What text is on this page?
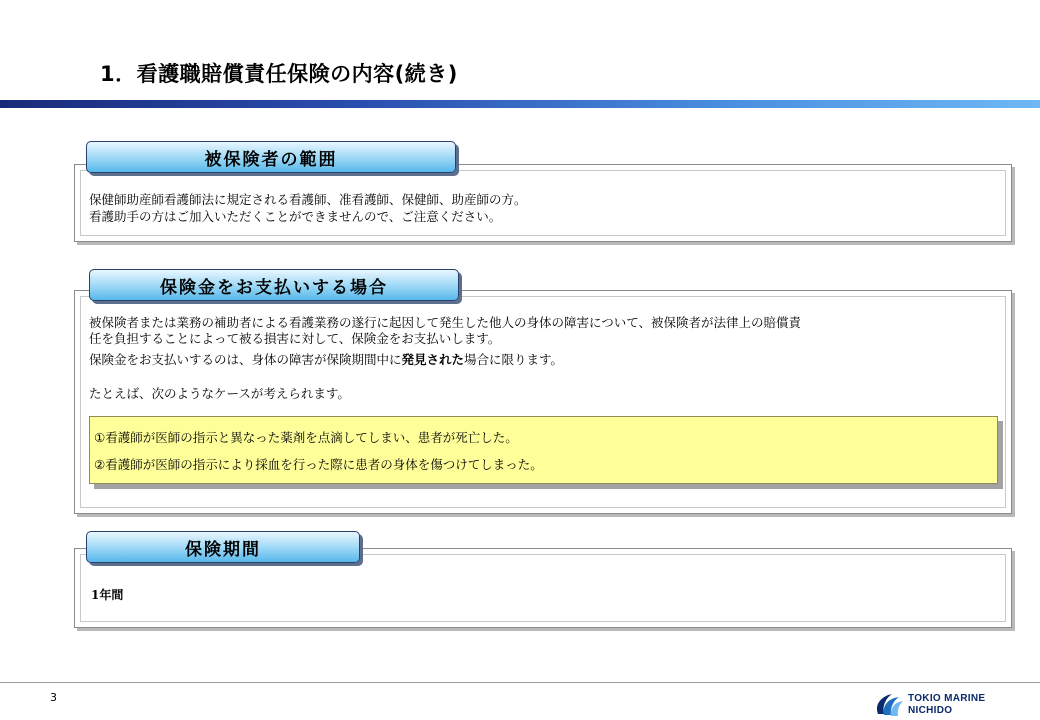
1．看護職賠償責任保険の内容(続き)
被保険者の範囲
保健師助産師看護師法に規定される看護師、准看護師、保健師、助産師の方。
看護助手の方はご加入いただくことができませんので、ご注意ください。
保険金をお支払いする場合
被保険者または業務の補助者による看護業務の遂行に起因して発生した他人の身体の障害について、被保険者が法律上の賠償責
任を負担することによって被る損害に対して、保険金をお支払いします。
保険金をお支払いするのは、身体の障害が保険期間中に発見された場合に限ります。
たとえば、次のようなケースが考えられます。
①看護師が医師の指示と異なった薬剤を点滴してしまい、患者が死亡した。
②看護師が医師の指示により採血を行った際に患者の身体を傷つけてしまった。
保険期間
1年間
3	TOKIO MARINE
NICHIDO
